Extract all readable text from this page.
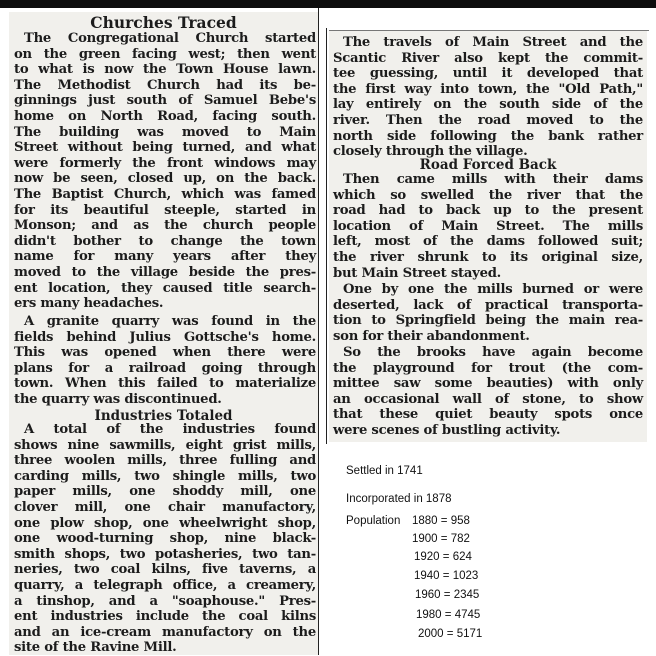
Churches Traced
The Congregational Church started
on the green facing west; then went
to what is now the Town House lawn.
The Methodist Church had its be-
ginnings just south of Samuel Bebe's
home on North Road, facing south.
The building was moved to Main
Street without being turned, and what
were formerly the front windows may
now be seen, closed up, on the back.
The Baptist Church, which was famed
for its beautiful steeple, started in
Monson; and as the church people
didn't bother to change the town
name for many years after they
moved to the village beside the pres-
ent location, they caused title search-
ers many headaches.
A granite quarry was found in the
fields behind Julius Gottsche's home.
This was opened when there were
plans for a railroad going through
town. When this failed to materialize
the quarry was discontinued.
Industries Totaled
A total of the industries found
shows nine sawmills, eight grist mills,
three woolen mills, three fulling and
carding mills, two shingle mills, two
paper mills, one shoddy mill, one
clover mill, one chair manufactory,
one plow shop, one wheelwright shop,
one wood-turning shop, nine black-
smith shops, two potasheries, two tan-
neries, two coal kilns, five taverns, a
quarry, a telegraph office, a creamery,
a tinshop, and a "soaphouse." Pres-
ent industries include the coal kilns
and an ice-cream manufactory on the
site of the Ravine Mill.
The travels of Main Street and the
Scantic River also kept the commit-
tee guessing, until it developed that
the first way into town, the "Old Path,"
lay entirely on the south side of the
river. Then the road moved to the
north side following the bank rather
closely through the village.
Road Forced Back
Then came mills with their dams
which so swelled the river that the
road had to back up to the present
location of Main Street. The mills
left, most of the dams followed suit;
the river shrunk to its original size,
but Main Street stayed.
One by one the mills burned or were
deserted, lack of practical transporta-
tion to Springfield being the main rea-
son for their abandonment.
So the brooks have again become
the playground for trout (the com-
mittee saw some beauties) with only
an occasional wall of stone, to show
that these quiet beauty spots once
were scenes of bustling activity.
Settled in 1741
Incorporated in 1878
Population 1880 = 958
1900 = 782
1920 = 624
1940 = 1023
1960 = 2345
1980 = 4745
2000 = 5171
